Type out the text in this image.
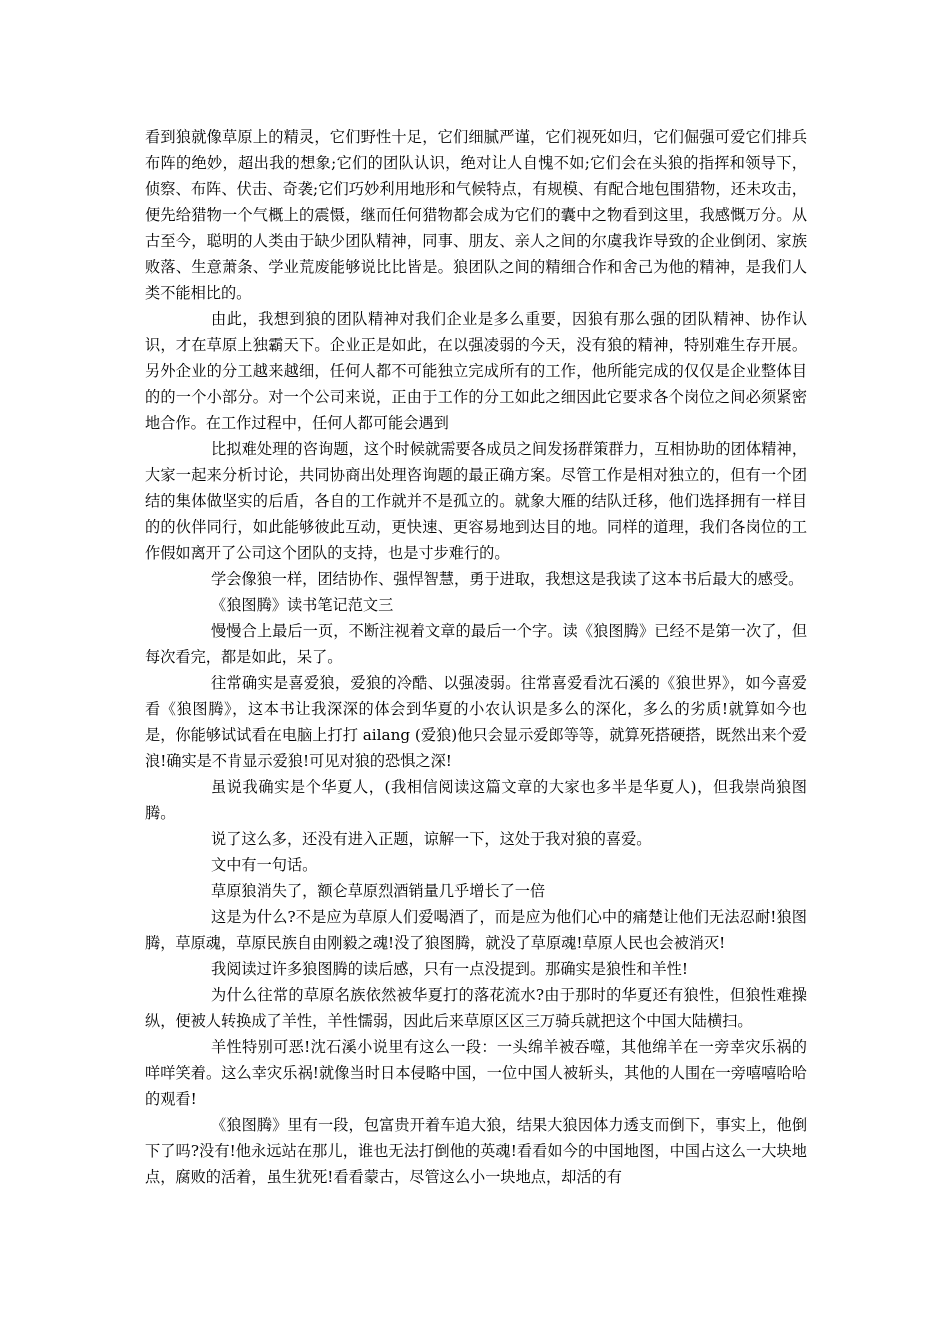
看到狼就像草原上的精灵，它们野性十足，它们细腻严谨，它们视死如归，它们倔强可爱它们排兵布阵的绝妙，超出我的想象;它们的团队认识，绝对让人自愧不如;它们会在头狼的指挥和领导下，侦察、布阵、伏击、奇袭;它们巧妙利用地形和气候特点，有规模、有配合地包围猎物，还未攻击，便先给猎物一个气概上的震慑，继而任何猎物都会成为它们的囊中之物看到这里，我感慨万分。从古至今，聪明的人类由于缺少团队精神，同事、朋友、亲人之间的尔虞我诈导致的企业倒闭、家族败落、生意萧条、学业荒废能够说比比皆是。狼团队之间的精细合作和舍己为他的精神，是我们人类不能相比的。

由此，我想到狼的团队精神对我们企业是多么重要，因狼有那么强的团队精神、协作认识，才在草原上独霸天下。企业正是如此，在以强凌弱的今天，没有狼的精神，特别难生存开展。另外企业的分工越来越细，任何人都不可能独立完成所有的工作，他所能完成的仅仅是企业整体目的的一个小部分。对一个公司来说，正由于工作的分工如此之细因此它要求各个岗位之间必须紧密地合作。在工作过程中，任何人都可能会遇到

比拟难处理的咨询题，这个时候就需要各成员之间发扬群策群力，互相协助的团体精神，大家一起来分析讨论，共同协商出处理咨询题的最正确方案。尽管工作是相对独立的，但有一个团结的集体做坚实的后盾，各自的工作就并不是孤立的。就象大雁的结队迁移，他们选择拥有一样目的的伙伴同行，如此能够彼此互动，更快速、更容易地到达目的地。同样的道理，我们各岗位的工作假如离开了公司这个团队的支持，也是寸步难行的。

学会像狼一样，团结协作、强悍智慧，勇于进取，我想这是我读了这本书后最大的感受。

《狼图腾》读书笔记范文三

慢慢合上最后一页，不断注视着文章的最后一个字。读《狼图腾》已经不是第一次了，但每次看完，都是如此，呆了。

往常确实是喜爱狼，爱狼的冷酷、以强凌弱。往常喜爱看沈石溪的《狼世界》，如今喜爱看《狼图腾》，这本书让我深深的体会到华夏的小农认识是多么的深化，多么的劣质!就算如今也是，你能够试试看在电脑上打打 ailang (爱狼)他只会显示爱郎等等，就算死搭硬搭，既然出来个爱浪!确实是不肯显示爱狼!可见对狼的恐惧之深!

虽说我确实是个华夏人，(我相信阅读这篇文章的大家也多半是华夏人)，但我崇尚狼图腾。

说了这么多，还没有进入正题，谅解一下，这处于我对狼的喜爱。

文中有一句话。

草原狼消失了，额仑草原烈酒销量几乎增长了一倍

这是为什么?不是应为草原人们爱喝酒了，而是应为他们心中的痛楚让他们无法忍耐!狼图腾，草原魂，草原民族自由刚毅之魂!没了狼图腾，就没了草原魂!草原人民也会被消灭!

我阅读过许多狼图腾的读后感，只有一点没提到。那确实是狼性和羊性!

为什么往常的草原名族依然被华夏打的落花流水?由于那时的华夏还有狼性，但狼性难操纵，便被人转换成了羊性，羊性懦弱，因此后来草原区区三万骑兵就把这个中国大陆横扫。

羊性特别可恶!沈石溪小说里有这么一段：一头绵羊被吞噬，其他绵羊在一旁幸灾乐祸的咩咩笑着。这么幸灾乐祸!就像当时日本侵略中国，一位中国人被斩头，其他的人围在一旁嘻嘻哈哈的观看!

《狼图腾》里有一段，包富贵开着车追大狼，结果大狼因体力透支而倒下，事实上，他倒下了吗?没有!他永远站在那儿，谁也无法打倒他的英魂!看看如今的中国地图，中国占这么一大块地点，腐败的活着，虽生犹死!看看蒙古，尽管这么小一块地点，却活的有
